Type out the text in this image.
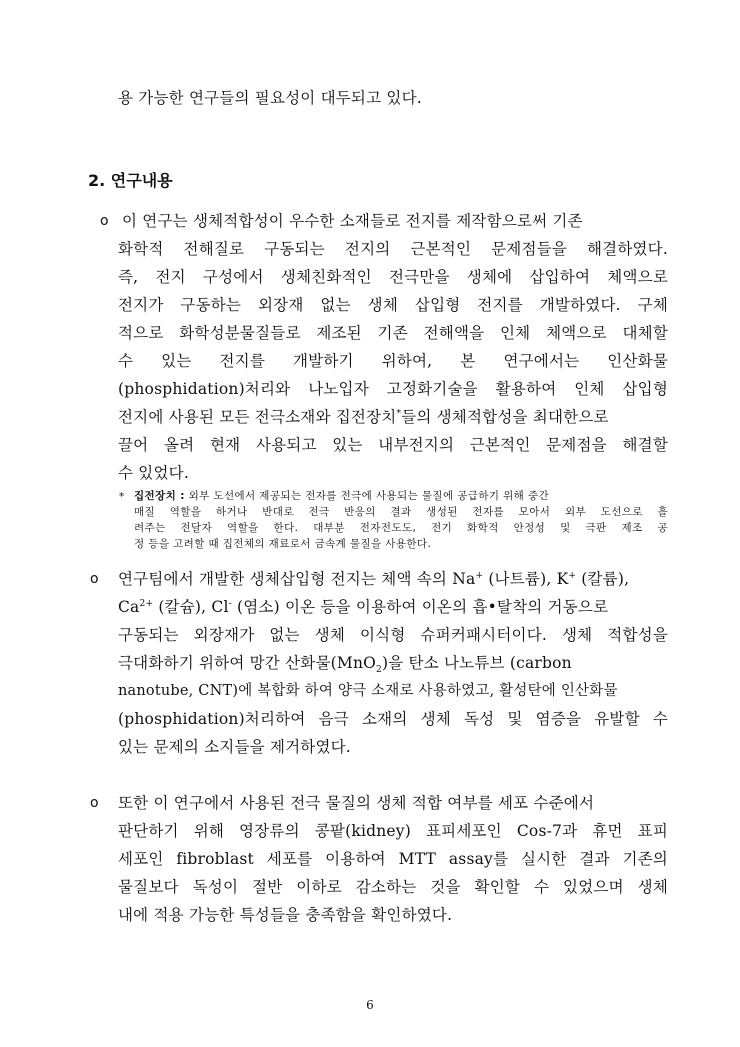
용 가능한 연구들의 필요성이 대두되고 있다.
2. 연구내용
o 이 연구는 생체적합성이 우수한 소재들로 전지를 제작함으로써 기존
화학적 전해질로 구동되는 전지의 근본적인 문제점들을 해결하였다.
즉, 전지 구성에서 생체친화적인 전극만을 생체에 삽입하여 체액으로
전지가 구동하는 외장재 없는 생체 삽입형 전지를 개발하였다. 구체
적으로 화학성분물질들로 제조된 기존 전해액을 인체 체액으로 대체할
수 있는 전지를 개발하기 위하여, 본 연구에서는 인산화물
(phosphidation)처리와 나노입자 고정화기술을 활용하여 인체 삽입형
전지에 사용된 모든 전극소재와 집전장치*들의 생체적합성을 최대한으로
끌어 올려 현재 사용되고 있는 내부전지의 근본적인 문제점을 해결할
수 있었다.
* 집전장치 : 외부 도선에서 제공되는 전자를 전극에 사용되는 물질에 공급하기 위해 중간
매질 역할을 하거나 반대로 전극 반응의 결과 생성된 전자를 모아서 외부 도선으로 흘
려주는 전달자 역할을 한다. 대부분 전자전도도, 전기 화학적 안정성 및 극판 제조 공
정 등을 고려할 때 집전체의 재료로서 금속계 물질을 사용한다.
o 연구팀에서 개발한 생체삽입형 전지는 체액 속의 Na+ (나트륨), K+ (칼륨),
$Ca^{2+}$ (칼슘), Cl- (염소) 이온 등을 이용하여 이온의 흡•탈착의 거동으로
구동되는 외장재가 없는 생체 이식형 슈퍼커패시터이다. 생체 적합성을
극대화하기 위하여 망간 산화물(MnO$_2$)을 탄소 나노튜브 (carbon
nanotube, CNT)에 복합화 하여 양극 소재로 사용하였고, 활성탄에 인산화물
(phosphidation)처리하여 음극 소재의 생체 독성 및 염증을 유발할 수
있는 문제의 소지들을 제거하였다.
o 또한 이 연구에서 사용된 전극 물질의 생체 적합 여부를 세포 수준에서
판단하기 위해 영장류의 콩팥(kidney) 표피세포인 Cos-7과 휴먼 표피
세포인 fibroblast 세포를 이용하여 MTT assay를 실시한 결과 기존의
물질보다 독성이 절반 이하로 감소하는 것을 확인할 수 있었으며 생체
내에 적용 가능한 특성들을 충족함을 확인하였다.
6
